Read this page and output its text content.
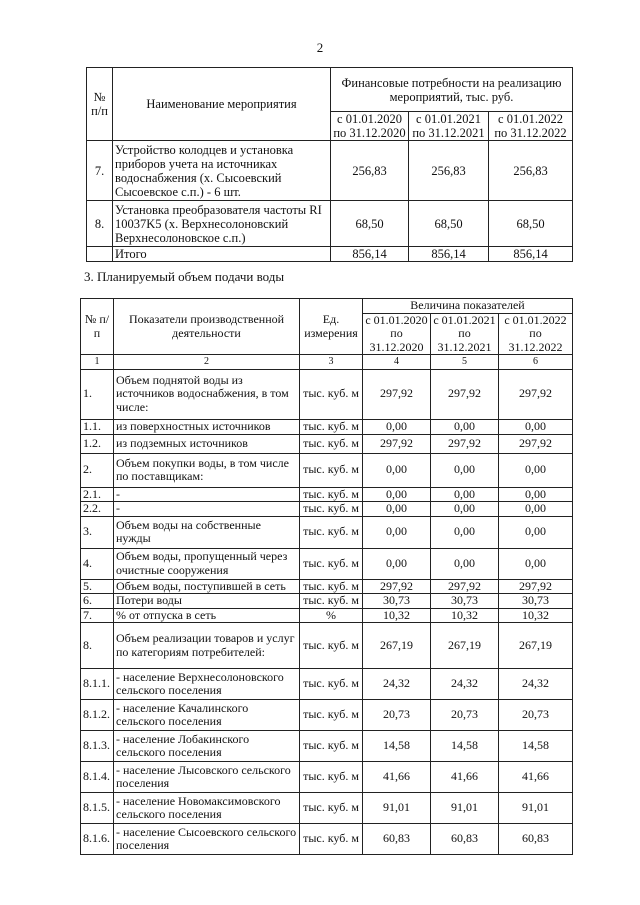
2
№ п/п	Наименование мероприятия	Финансовые потребности на реализацию мероприятий, тыс. руб.		
		с 01.01.2020 по 31.12.2020	с 01.01.2021 по 31.12.2021	с 01.01.2022 по 31.12.2022
7.	Устройство колодцев и установка приборов учета на источниках водоснабжения (х. Сысоевский Сысоевское с.п.) - 6 шт.	256,83	256,83	256,83
8.	Установка преобразователя частоты RI 10037K5 (х. Верхнесолоновский Верхнесолоновское с.п.)	68,50	68,50	68,50
	Итого	856,14	856,14	856,14
3. Планируемый объем подачи воды
№ п/п	Показатели производственной деятельности	Ед. измерения	Величина показателей		
			с 01.01.2020 по 31.12.2020	с 01.01.2021 по 31.12.2021	с 01.01.2022 по 31.12.2022
1	2	3	4	5	6
1.	Объем поднятой воды из источников водоснабжения, в том числе:	тыс. куб. м	297,92	297,92	297,92
1.1.	из поверхностных источников	тыс. куб. м	0,00	0,00	0,00
1.2.	из подземных источников	тыс. куб. м	297,92	297,92	297,92
2.	Объем покупки воды, в том числе по поставщикам:	тыс. куб. м	0,00	0,00	0,00
2.1.	-	тыс. куб. м	0,00	0,00	0,00
2.2.	-	тыс. куб. м	0,00	0,00	0,00
3.	Объем воды на собственные нужды	тыс. куб. м	0,00	0,00	0,00
4.	Объем воды, пропущенный через очистные сооружения	тыс. куб. м	0,00	0,00	0,00
5.	Объем воды, поступившей в сеть	тыс. куб. м	297,92	297,92	297,92
6.	Потери воды	тыс. куб. м	30,73	30,73	30,73
7.	% от отпуска в сеть	%	10,32	10,32	10,32
8.	Объем реализации товаров и услуг по категориям потребителей:	тыс. куб. м	267,19	267,19	267,19
8.1.1.	- население Верхнесолоновского сельского поселения	тыс. куб. м	24,32	24,32	24,32
8.1.2.	- население Качалинского сельского поселения	тыс. куб. м	20,73	20,73	20,73
8.1.3.	- население Лобакинского сельского поселения	тыс. куб. м	14,58	14,58	14,58
8.1.4.	- население Лысовского сельского поселения	тыс. куб. м	41,66	41,66	41,66
8.1.5.	- население Новомаксимовского сельского поселения	тыс. куб. м	91,01	91,01	91,01
8.1.6.	- население Сысоевского сельского поселения	тыс. куб. м	60,83	60,83	60,83
